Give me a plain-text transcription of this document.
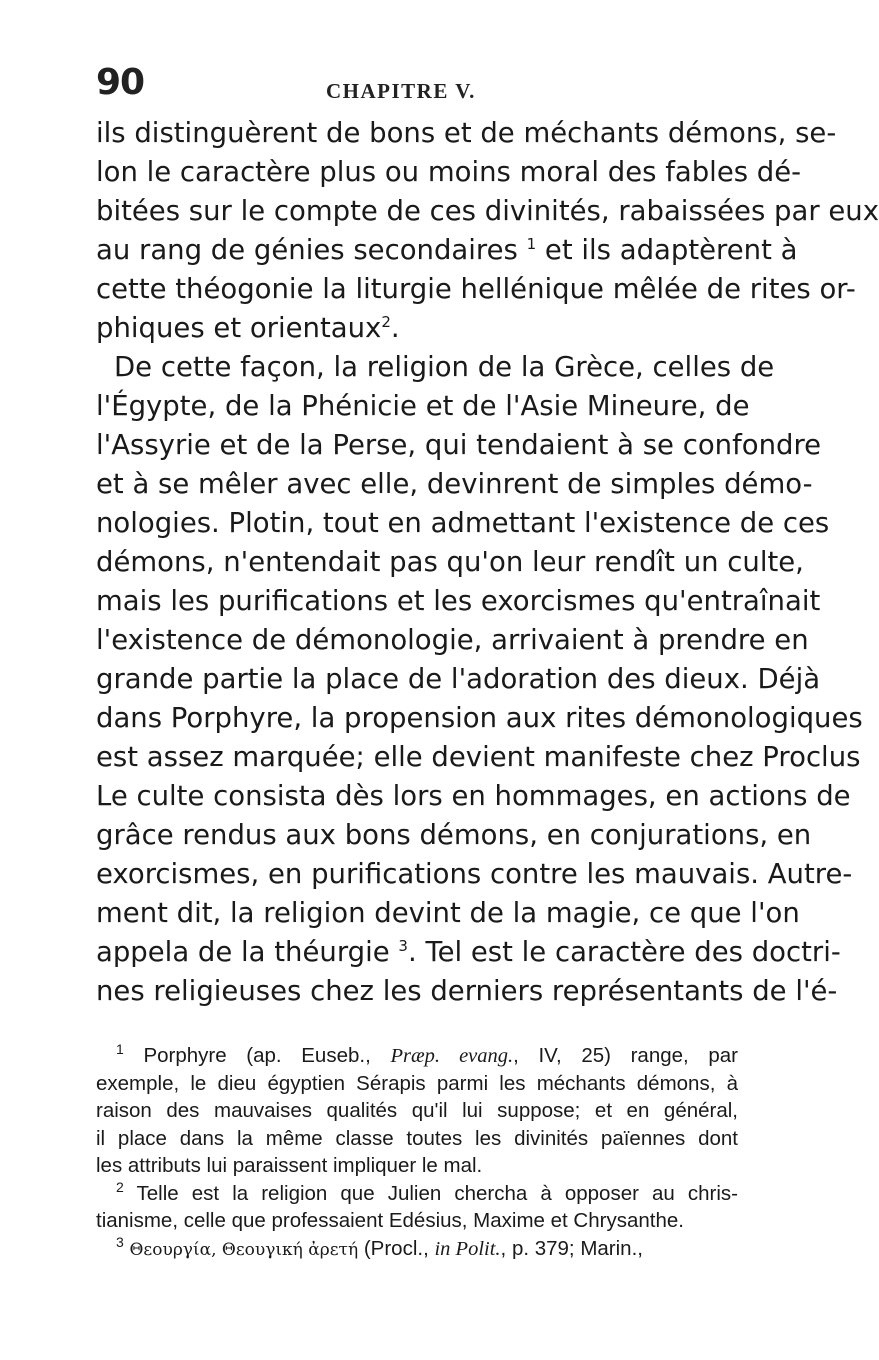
90	CHAPITRE V.
ils distinguèrent de bons et de méchants démons, se-
lon le caractère plus ou moins moral des fables dé-
bitées sur le compte de ces divinités, rabaissées par eux
au rang de génies secondaires $^1$ et ils adaptèrent à
cette théogonie la liturgie hellénique mêlée de rites or-
phiques et orientaux$^2$.
De cette façon, la religion de la Grèce, celles de
l'Égypte, de la Phénicie et de l'Asie Mineure, de
l'Assyrie et de la Perse, qui tendaient à se confondre
et à se mêler avec elle, devinrent de simples démo-
nologies. Plotin, tout en admettant l'existence de ces
démons, n'entendait pas qu'on leur rendît un culte,
mais les purifications et les exorcismes qu'entraînait
l'existence de démonologie, arrivaient à prendre en
grande partie la place de l'adoration des dieux. Déjà
dans Porphyre, la propension aux rites démonologiques
est assez marquée; elle devient manifeste chez Proclus
Le culte consista dès lors en hommages, en actions de
grâce rendus aux bons démons, en conjurations, en
exorcismes, en purifications contre les mauvais. Autre-
ment dit, la religion devint de la magie, ce que l'on
appela de la théurgie $^3$. Tel est le caractère des doctri-
nes religieuses chez les derniers représentants de l'é-
$^1$ Porphyre (ap. Euseb., Præp. evang., IV, 25) range, par
exemple, le dieu égyptien Sérapis parmi les méchants démons, à
raison des mauvaises qualités qu'il lui suppose; et en général,
il place dans la même classe toutes les divinités païennes dont
les attributs lui paraissent impliquer le mal.
$^2$ Telle est la religion que Julien chercha à opposer au chris-
tianisme, celle que professaient Edésius, Maxime et Chrysanthe.
$^3$ Θεουργία, Θεουγική ἀρετή (Procl., in Polit., p. 379; Marin.,
